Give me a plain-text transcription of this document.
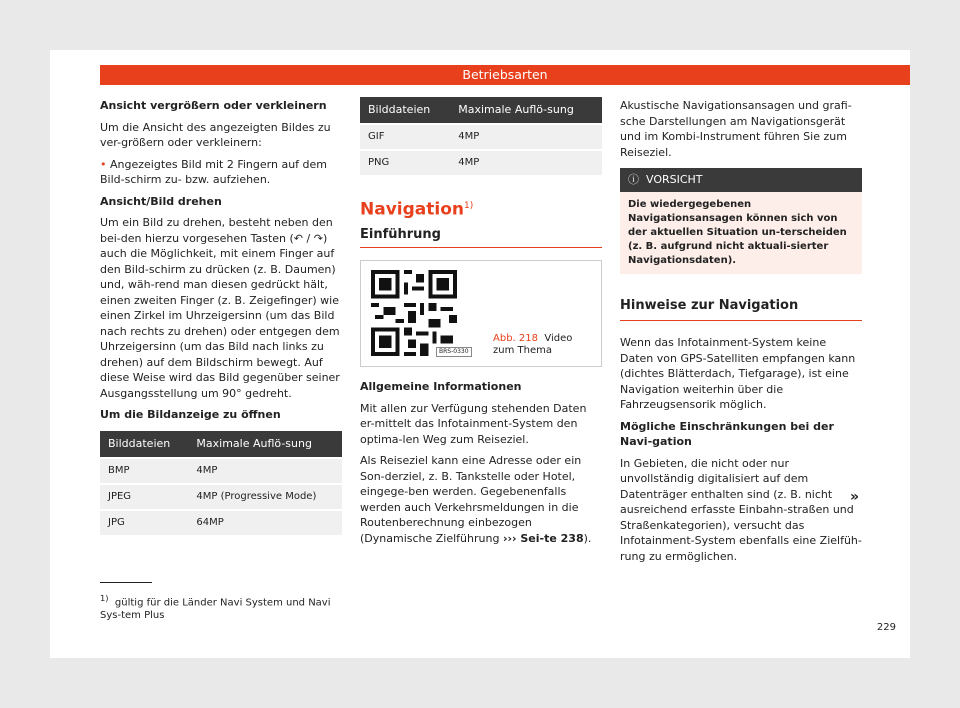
Betriebsarten

Ansicht vergrößern oder verkleinern

Um die Ansicht des angezeigten Bildes zu ver-größern oder verkleinern:

• Angezeigtes Bild mit 2 Fingern auf dem Bild-schirm zu- bzw. aufziehen.

Ansicht/Bild drehen

Um ein Bild zu drehen, besteht neben den bei-den hierzu vorgesehen Tasten (↶ / ↷) auch die Möglichkeit, mit einem Finger auf den Bild-schirm zu drücken (z. B. Daumen) und, wäh-rend man diesen gedrückt hält, einen zweiten Finger (z. B. Zeigefinger) wie einen Zirkel im Uhrzeigersinn (um das Bild nach rechts zu drehen) oder entgegen dem Uhrzeigersinn (um das Bild nach links zu drehen) auf dem Bildschirm bewegt. Auf diese Weise wird das Bild gegenüber seiner Ausgangsstellung um 90° gedreht.

Um die Bildanzeige zu öffnen

Bilddateien	Maximale Auflö-sung
BMP	4MP
JPEG	4MP (Progressive Mode)
JPG	64MP
Bilddateien	Maximale Auflö-sung
GIF	4MP
PNG	4MP
Navigation$^{1)}$
Einführung
BRS-0330
Abb. 218 Video zum Thema

Allgemeine Informationen

Mit allen zur Verfügung stehenden Daten er-mittelt das Infotainment-System den optima-len Weg zum Reiseziel.

Als Reiseziel kann eine Adresse oder ein Son-derziel, z. B. Tankstelle oder Hotel, eingege-ben werden. Gegebenenfalls werden auch Verkehrsmeldungen in die Routenberechnung einbezogen (Dynamische Zielführung ››› Sei-te 238).

Akustische Navigationsansagen und grafi-sche Darstellungen am Navigationsgerät und im Kombi-Instrument führen Sie zum Reiseziel.

ⓘ VORSICHT
Die wiedergegebenen Navigationsansagen können sich von der aktuellen Situation un-terscheiden (z. B. aufgrund nicht aktuali-sierter Navigationsdaten).
Hinweise zur Navigation

Wenn das Infotainment-System keine Daten von GPS-Satelliten empfangen kann (dichtes Blätterdach, Tiefgarage), ist eine Navigation weiterhin über die Fahrzeugsensorik möglich.

Mögliche Einschränkungen bei der Navi-gation

In Gebieten, die nicht oder nur unvollständig digitalisiert auf dem Datenträger enthalten sind (z. B. nicht ausreichend erfasste Einbahn-straßen und Straßenkategorien), versucht das Infotainment-System ebenfalls eine Zielfüh-rung zu ermöglichen.

$^{1)}$ gültig für die Länder Navi System und Navi Sys-tem Plus
»
229
